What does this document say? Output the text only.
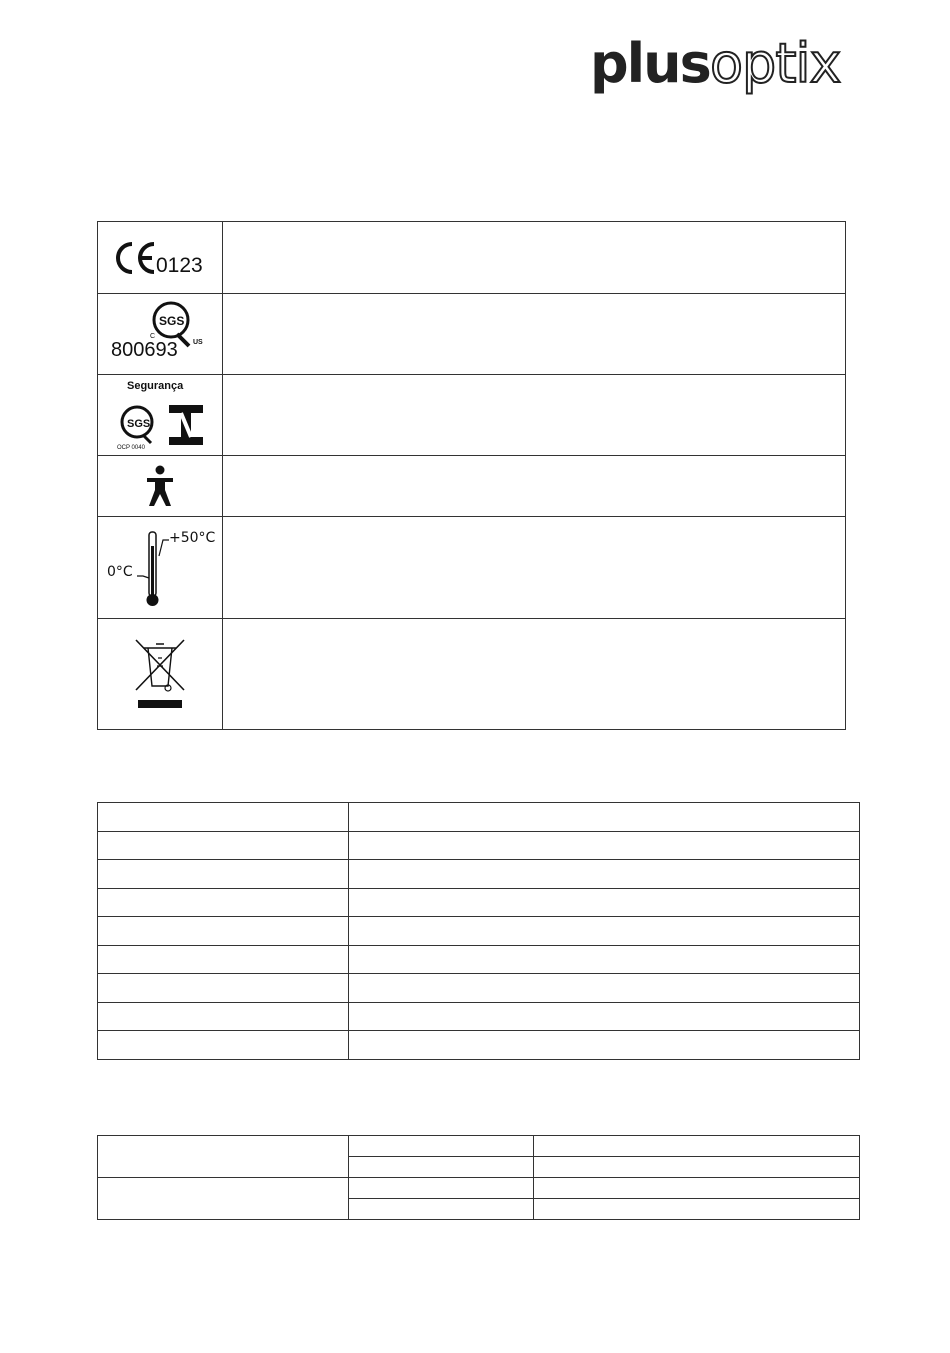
plus optix
0123	

SGS
C
US
800693	

Segurança
SGS
OCP 0040	

+50°C
0°C	
